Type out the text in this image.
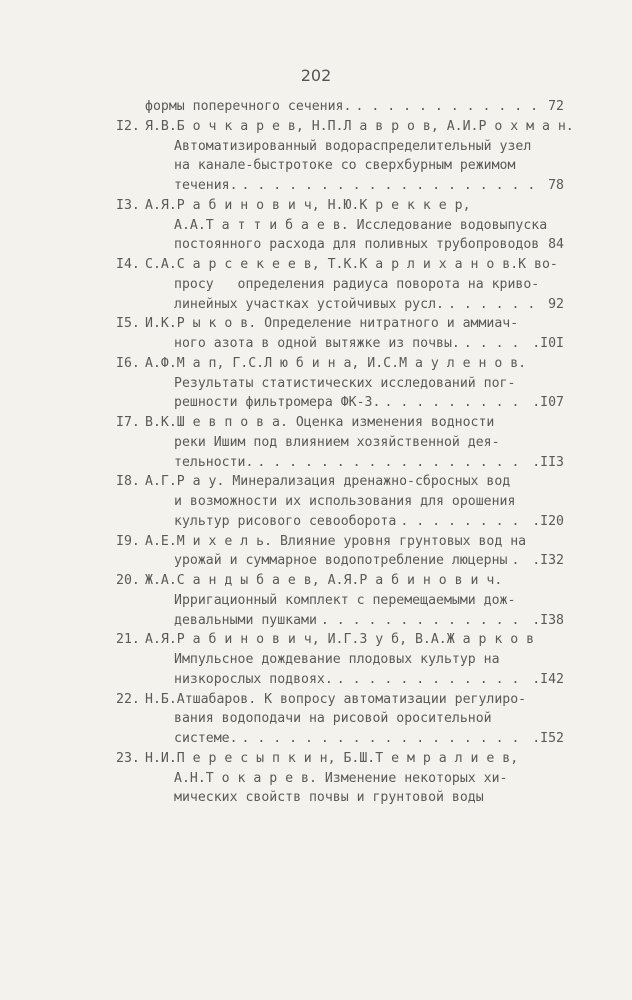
202
формы поперечного сечения. . . .	72
I2. Я.В.Б о ч к а р е в, Н.П.Л а в р о в, А.И.Р о х м а н.
Автоматизированный водораспределительный узел
на канале-быстротоке со сверхбурным режимом
течения. . . .	78
I3. А.Я.Р а б и н о в и ч, Н.Ю.К р е к к е р,
А.А.Т а т т и б а е в. Исследование водовыпуска
постоянного расхода для поливных трубопроводов . . . 84
I4. С.А.С а р с е к е е в, Т.К.К а р л и х а н о в.К во-
просу   определения радиуса поворота на криво-
линейных участках устойчивых русл. . . .	92
I5. И.К.Р ы к о в. Определение нитратного и аммиач-
ного азота в одной вытяжке из почвы. . . .	.I0I
I6. А.Ф.М а п, Г.С.Л ю б и н а, И.С.М а у л е н о в.
Результаты статистических исследований пог-
решности фильтромера ФК-3. . . .	.I07
I7. В.К.Ш е в п о в а. Оценка изменения водности
реки Ишим под влиянием хозяйственной дея-
тельности. . . .	.II3
I8. А.Г.Р а у. Минерализация дренажно-сбросных вод
и возможности их использования для орошения
культур рисового севооборота . . .	.I20
I9. А.Е.М и х е л ь. Влияние уровня грунтовых вод на
урожай и суммарное водопотребление люцерны . . . .I32
20. Ж.А.С а н д ы б а е в, А.Я.Р а б и н о в и ч.
Ирригационный комплект с перемещаемыми дож-
девальными пушками . . .	.I38
21. А.Я.Р а б и н о в и ч, И.Г.З у б, В.А.Ж а р к о в
Импульсное дождевание плодовых культур на
низкорослых подвоях. . . .	.I42
22. Н.Б.Атшабаров. К вопросу автоматизации регулиро-
вания водоподачи на рисовой оросительной
системе. . . .	.I52
23. Н.И.П е р е с ы п к и н, Б.Ш.Т е м р а л и е в,
А.Н.Т о к а р е в. Изменение некоторых хи-
мических свойств почвы и грунтовой воды
